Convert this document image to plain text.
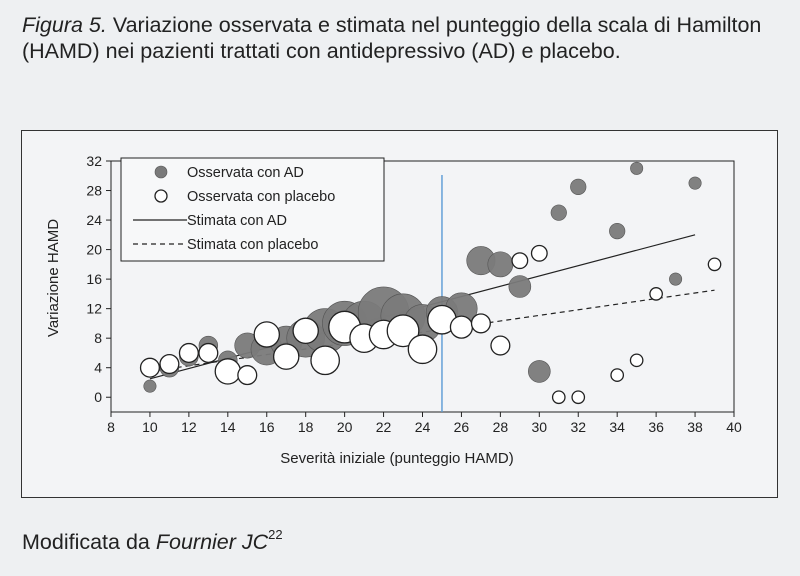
Figura 5. Variazione osservata e stimata nel punteggio della scala di Hamilton (HAMD) nei pazienti trattati con antidepressivo (AD) e placebo.
8 10 12 14 16 18 20 22 24 26 28 30 32 34 36 38 40
0
4
8
12
16
20
24
28
32
Osservata con AD
Osservata con placebo
Stimata con AD
Stimata con placebo
Severità iniziale (punteggio HAMD)
Variazione HAMD
Modificata da Fournier JC$^{22}$
